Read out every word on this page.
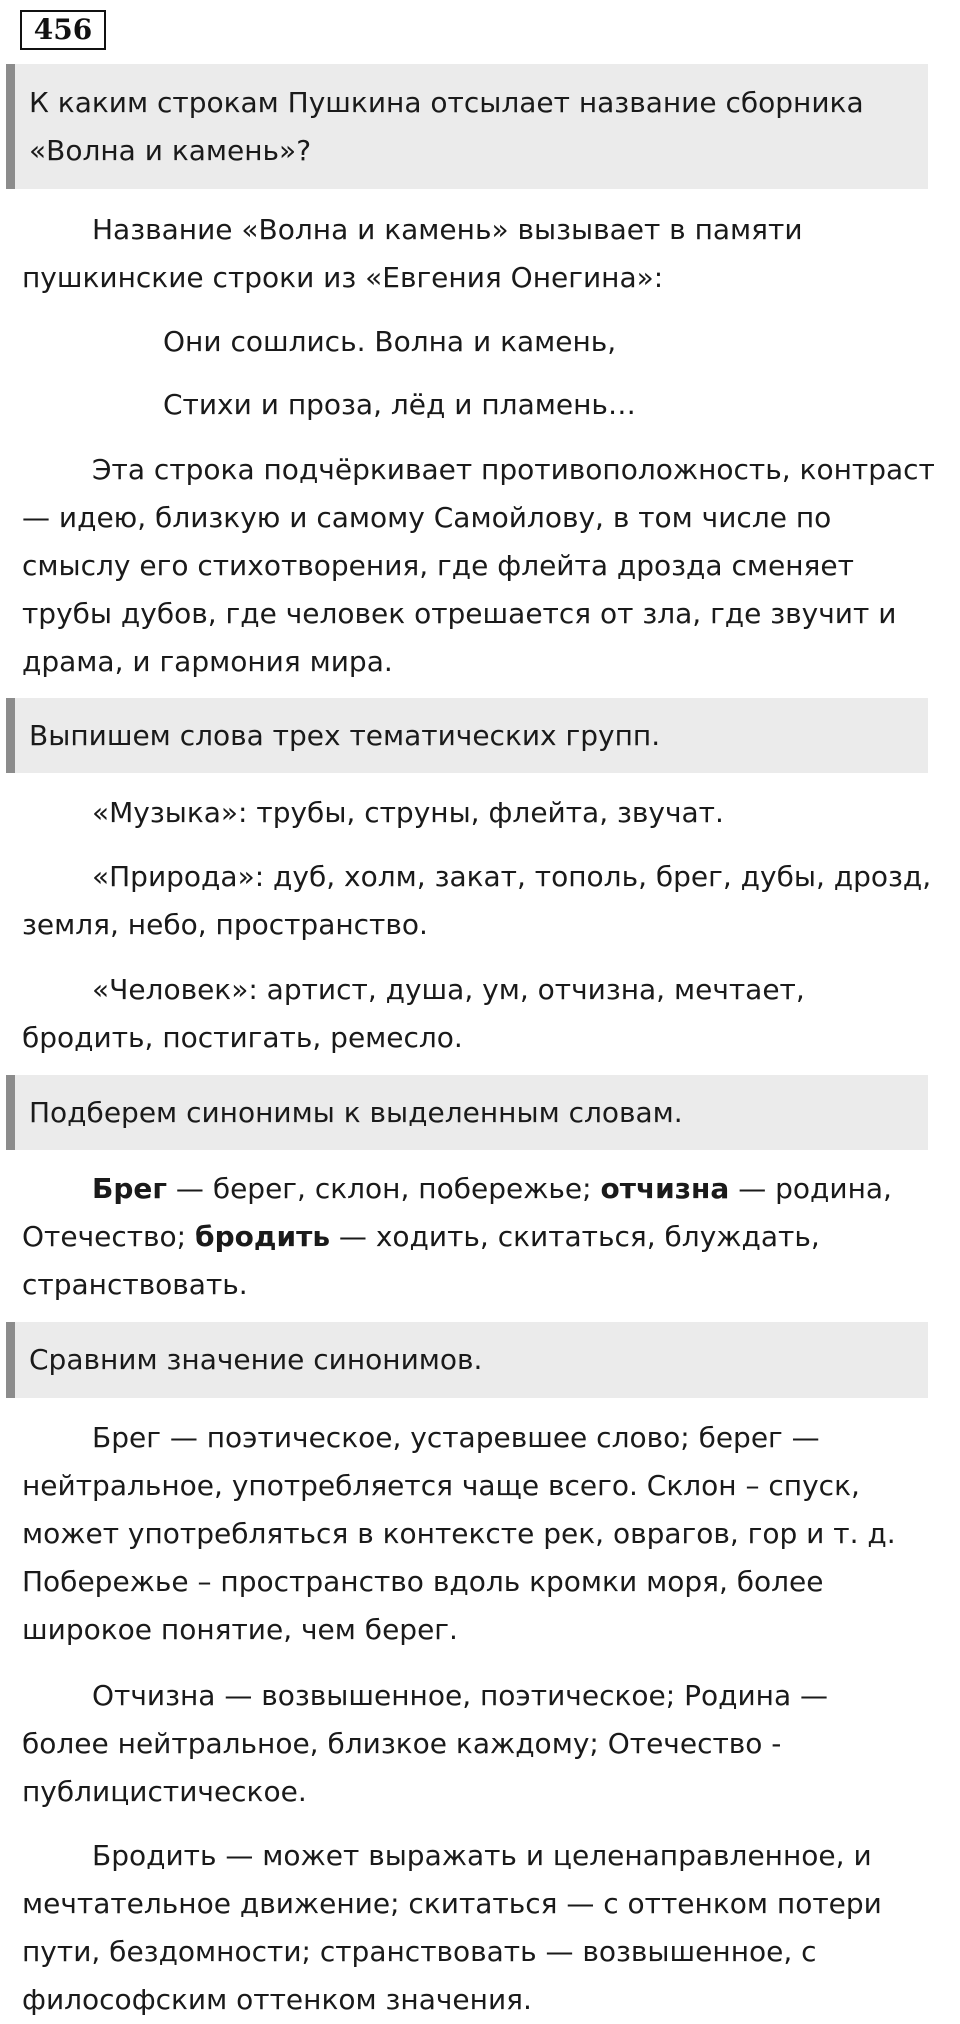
456
К каким строкам Пушкина отсылает название сборника
«Волна и камень»?
Название «Волна и камень» вызывает в памяти
пушкинские строки из «Евгения Онегина»:
Они сошлись. Волна и камень,
Стихи и проза, лёд и пламень…
Эта строка подчёркивает противоположность, контраст
— идею, близкую и самому Самойлову, в том числе по
смыслу его стихотворения, где флейта дрозда сменяет
трубы дубов, где человек отрешается от зла, где звучит и
драма, и гармония мира.
Выпишем слова трех тематических групп.
«Музыка»: трубы, струны, флейта, звучат.
«Природа»: дуб, холм, закат, тополь, брег, дубы, дрозд,
земля, небо, пространство.
«Человек»: артист, душа, ум, отчизна, мечтает,
бродить, постигать, ремесло.
Подберем синонимы к выделенным словам.
Брег — берег, склон, побережье; отчизна — родина,
Отечество; бродить — ходить, скитаться, блуждать,
странствовать.
Сравним значение синонимов.
Брег — поэтическое, устаревшее слово; берег —
нейтральное, употребляется чаще всего. Склон – спуск,
может употребляться в контексте рек, оврагов, гор и т. д.
Побережье – пространство вдоль кромки моря, более
широкое понятие, чем берег.
Отчизна — возвышенное, поэтическое; Родина —
более нейтральное, близкое каждому; Отечество -
публицистическое.
Бродить — может выражать и целенаправленное, и
мечтательное движение; скитаться — с оттенком потери
пути, бездомности; странствовать — возвышенное, с
философским оттенком значения.
